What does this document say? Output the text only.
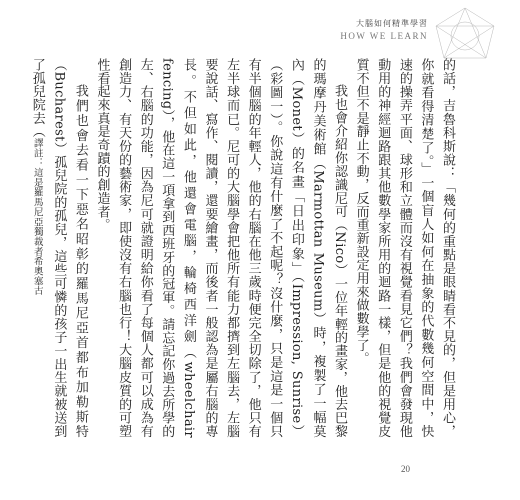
大腦如何精準學習
HOW WE LEARN

的話，吉魯科斯說：「幾何的重點是眼睛看不見的，但是用心，你就看得清楚了。」一個盲人如何在抽象的代數幾何空間中，快速的操弄平面、球形和立體而沒有視覺看見它們？我們會發現他動用的神經迴路跟其他數學家所用的迴路一樣，但是他的視覺皮質不但不是靜止不動，反而重新設定用來做數學了。

我也會介紹你認識尼可（Nico）一位年輕的畫家，他去巴黎的瑪摩丹美術館（Marmottan Museum）時，複製了一幅莫內（Monet）的名畫「日出印象」（Impression, Sunrise）（彩圖一）。你說這有什麼了不起呢？沒什麼，只是這是一個只有半個腦的年輕人，他的右腦在他三歲時便完全切除了，他只有左半球而已。尼可的大腦學會把他所有能力都擠到左腦去，左腦要說話、寫作、閱讀，還要繪畫，而後者一般認為是屬右腦的專長。不但如此，他還會電腦，輪椅西洋劍（wheelchair fencing），他在這一項拿到西班牙的冠軍。請忘記你過去所學的左、右腦的功能，因為尼可就證明給你看了每個人都可以成為有創造力、有天份的藝術家，即使沒有右腦也行！大腦皮質的可塑性看起來真是奇蹟的創造者。

我們也會去看一下惡名昭彰的羅馬尼亞首都布加勒斯特（Bucharest）孤兒院的孤兒，這些可憐的孩子一出生就被送到了孤兒院去（譯註：這是羅馬尼亞獨裁者希奧塞古

20
